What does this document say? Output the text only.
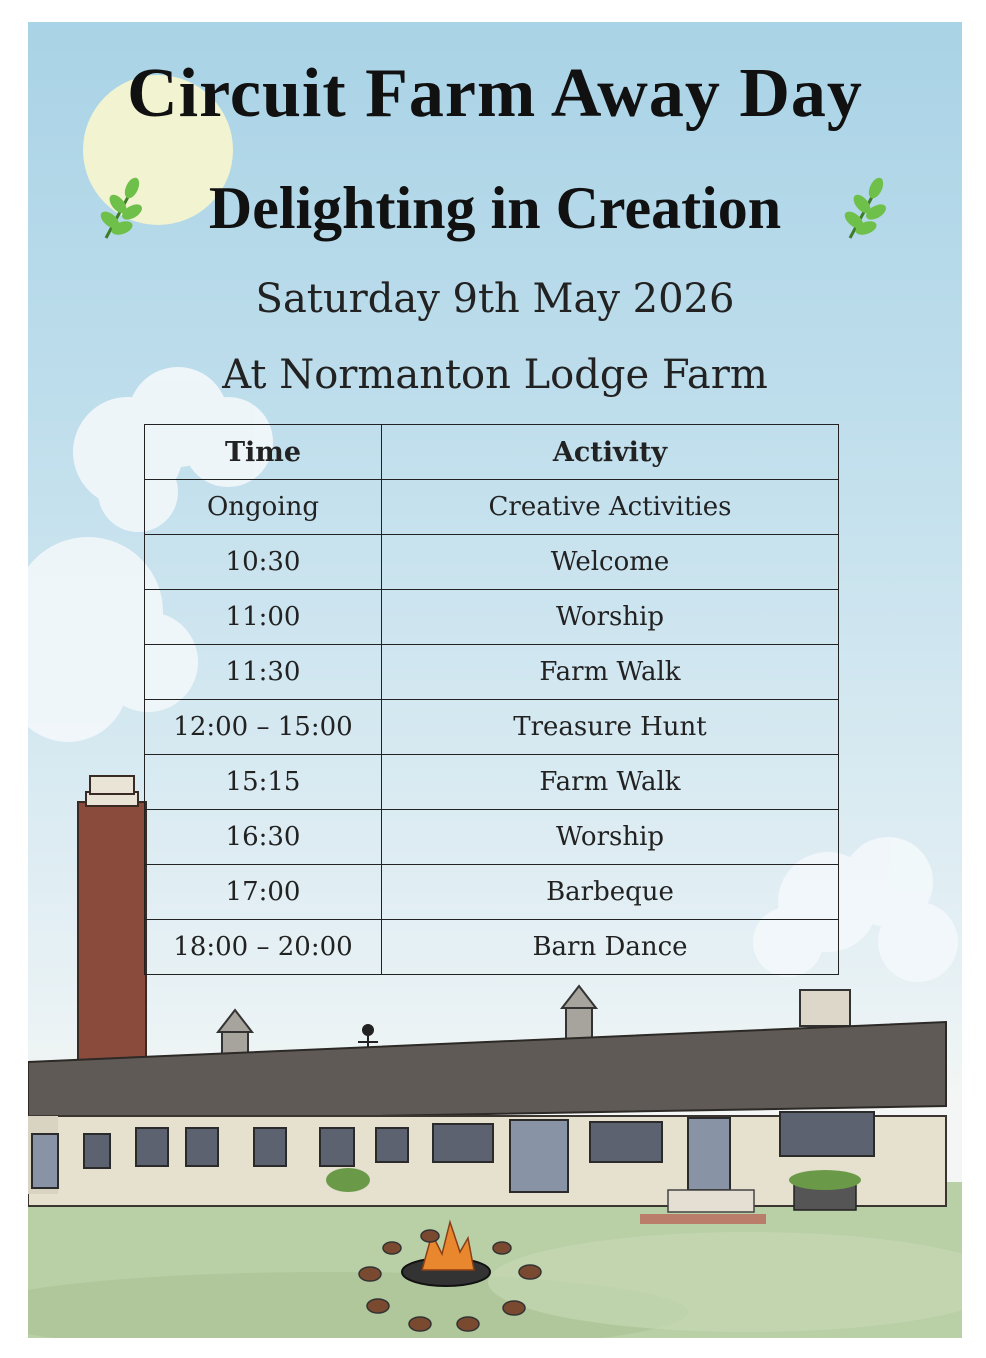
Circuit Farm Away Day
Delighting in Creation
Saturday 9th May 2026
At Normanton Lodge Farm
Time	Activity
Ongoing	Creative Activities
10:30	Welcome
11:00	Worship
11:30	Farm Walk
12:00 – 15:00	Treasure Hunt
15:15	Farm Walk
16:30	Worship
17:00	Barbeque
18:00 – 20:00	Barn Dance
